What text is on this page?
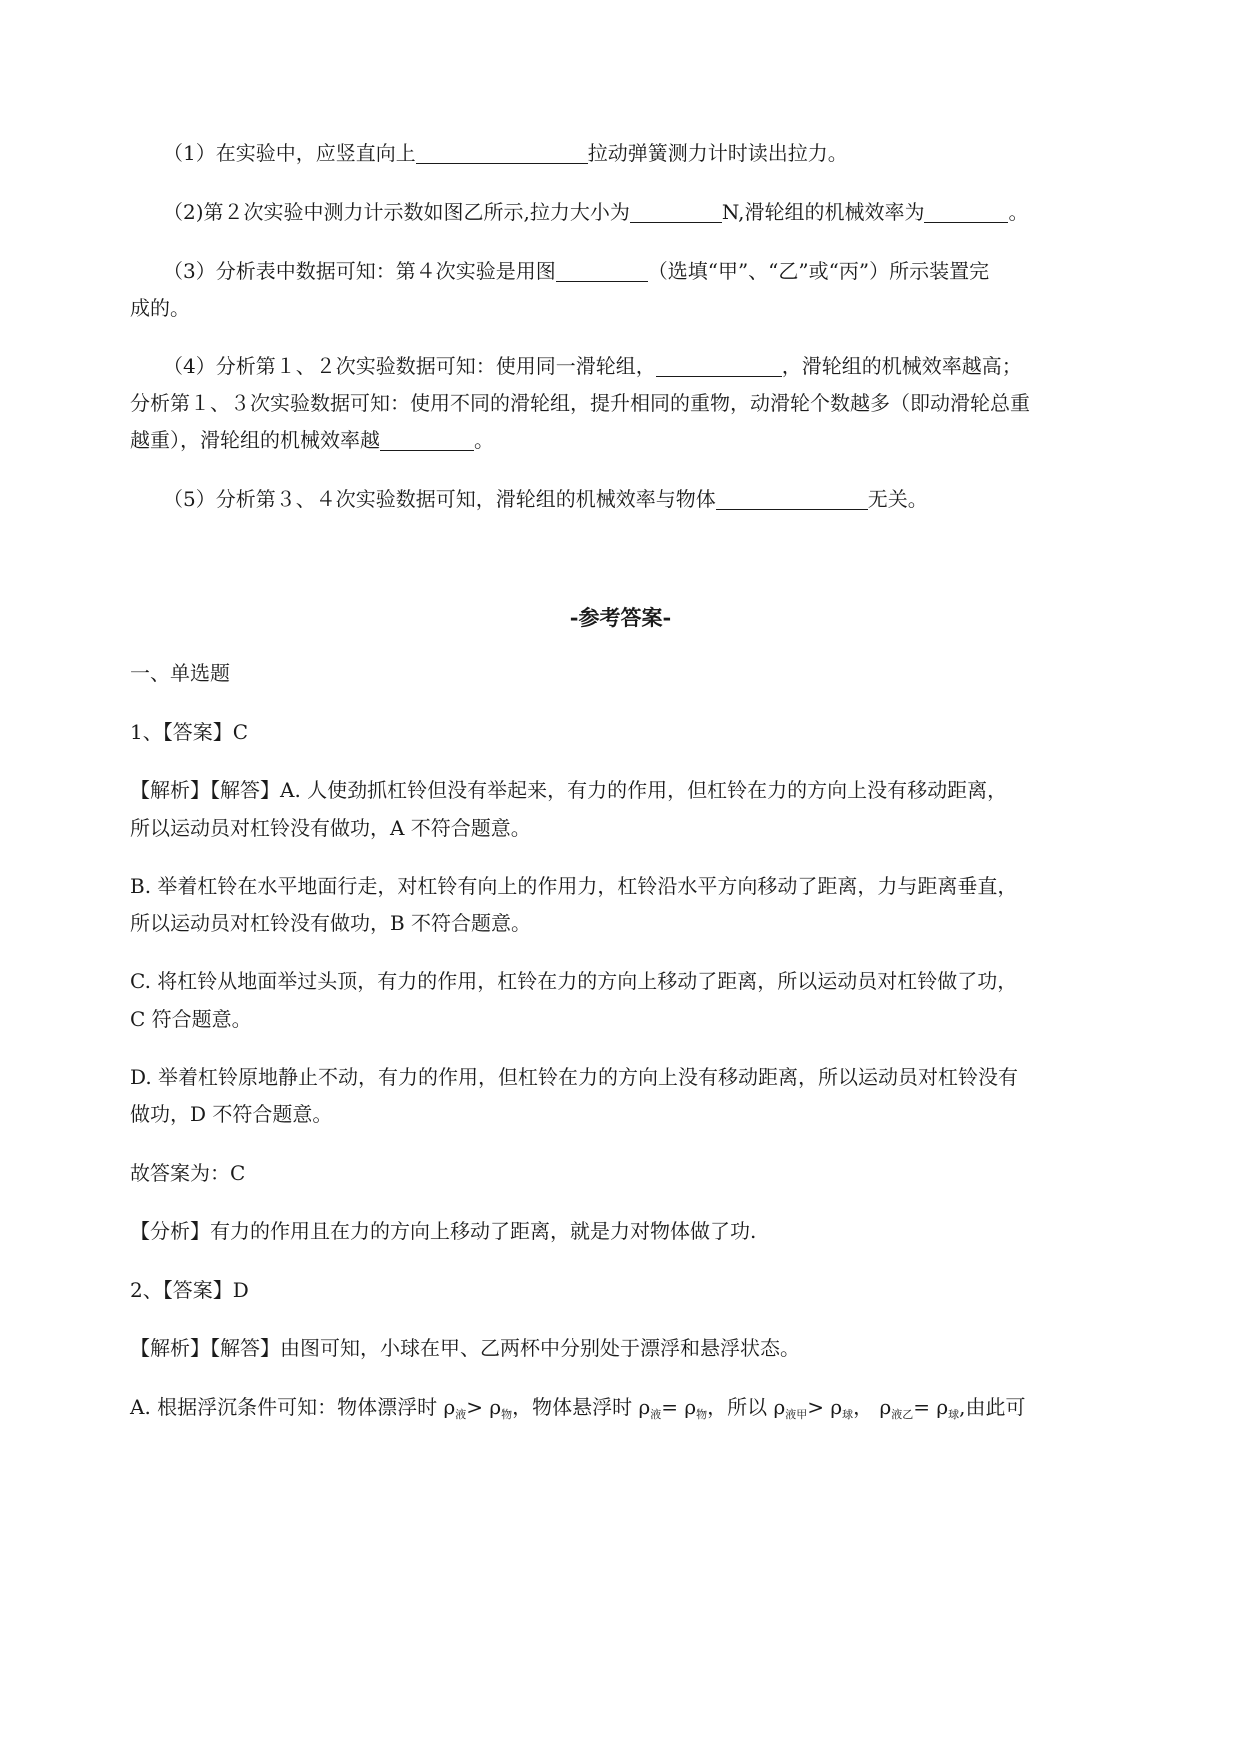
（1）在实验中，应竖直向上	拉动弹簧测力计时读出拉力。
（2)第２次实验中测力计示数如图乙所示,拉力大小为	N,滑轮组的机械效率为	。
（3）分析表中数据可知：第４次实验是用图	（选填“甲”、“乙”或“丙”）所示装置完
成的。
（4）分析第１、２次实验数据可知：使用同一滑轮组，	，滑轮组的机械效率越高；
分析第１、３次实验数据可知：使用不同的滑轮组，提升相同的重物，动滑轮个数越多（即动滑轮总重
越重），滑轮组的机械效率越	。
（5）分析第３、４次实验数据可知，滑轮组的机械效率与物体	无关。
-参考答案-
一、单选题
1、【答案】C
【解析】【解答】A. 人使劲抓杠铃但没有举起来，有力的作用，但杠铃在力的方向上没有移动距离，
所以运动员对杠铃没有做功，A 不符合题意。
B. 举着杠铃在水平地面行走，对杠铃有向上的作用力，杠铃沿水平方向移动了距离，力与距离垂直，
所以运动员对杠铃没有做功，B 不符合题意。
C. 将杠铃从地面举过头顶，有力的作用，杠铃在力的方向上移动了距离，所以运动员对杠铃做了功，
C 符合题意。
D. 举着杠铃原地静止不动，有力的作用，但杠铃在力的方向上没有移动距离，所以运动员对杠铃没有
做功，D 不符合题意。
故答案为：C
【分析】有力的作用且在力的方向上移动了距离，就是力对物体做了功.
2、【答案】D
【解析】【解答】由图可知，小球在甲、乙两杯中分别处于漂浮和悬浮状态。
A. 根据浮沉条件可知：物体漂浮时 $\rho_液> \rho_物$，物体悬浮时 $\rho_液= \rho_物$，所以 $\rho_{液甲}> \rho_球$， $\rho_{液乙}= \rho_球$,由此可
